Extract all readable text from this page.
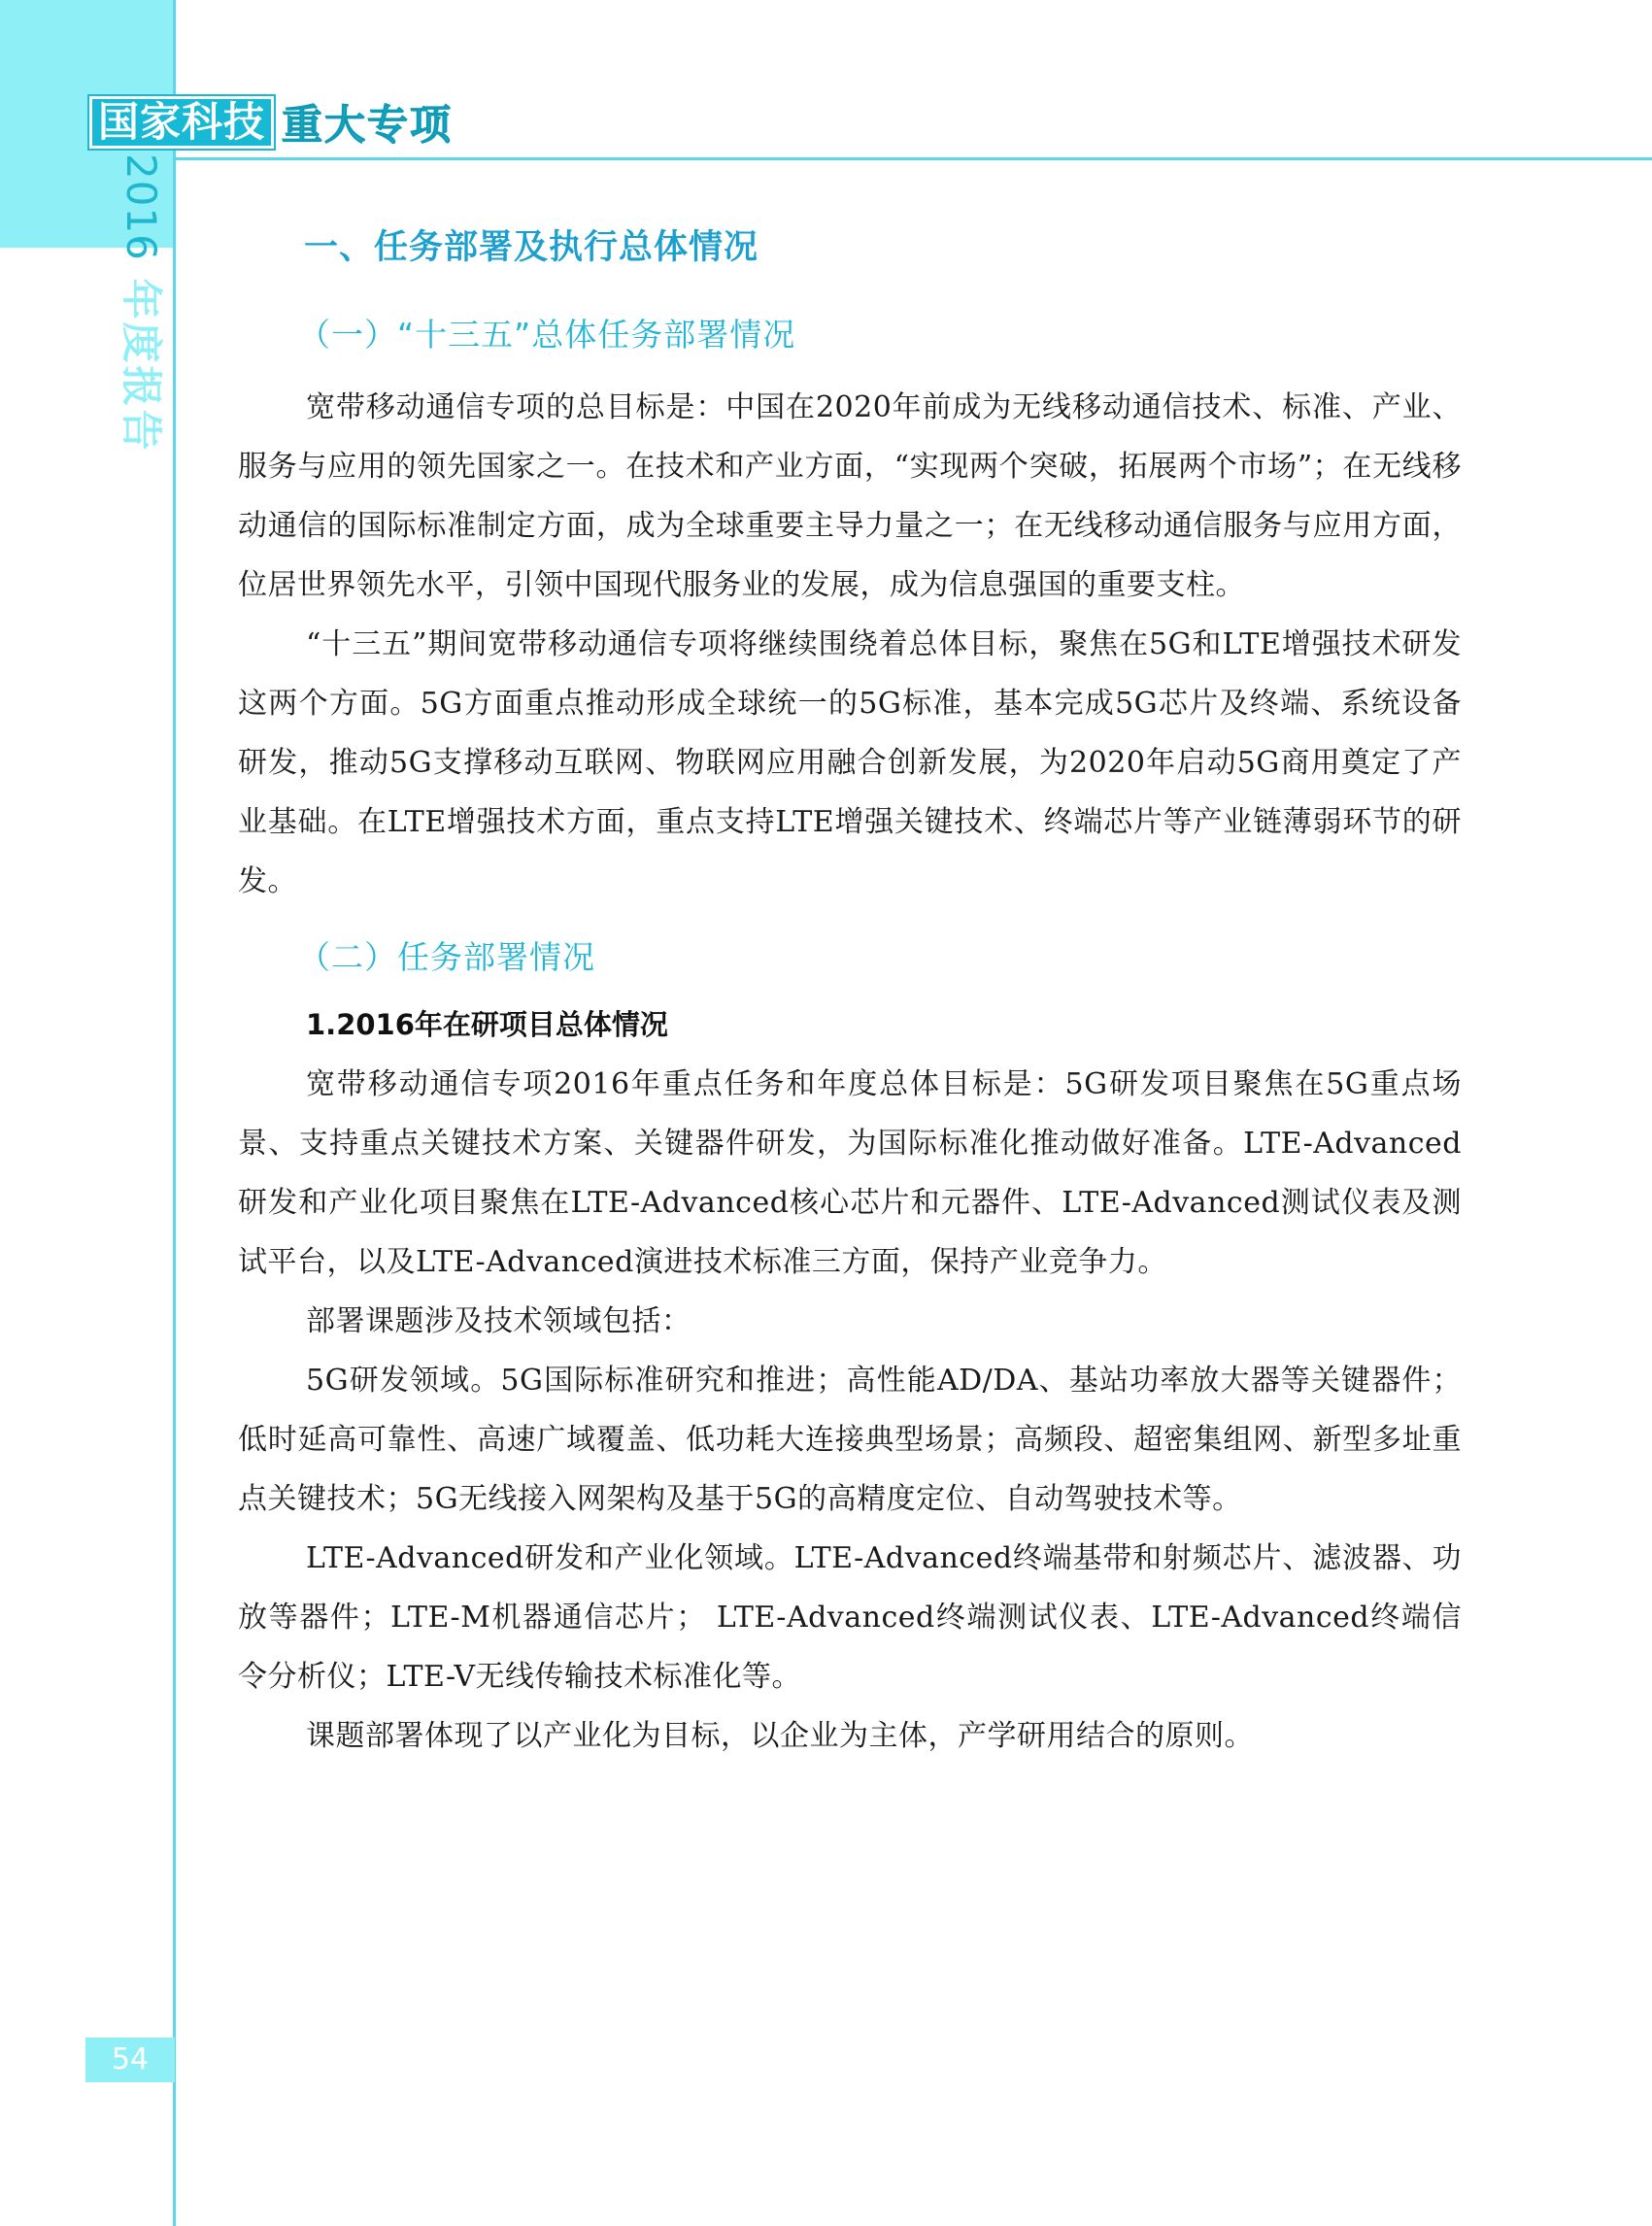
国家科技 重大专项
2016 年度报告
一、任务部署及执行总体情况
（一）“十三五”总体任务部署情况

宽带移动通信专项的总目标是：中国在2020年前成为无线移动通信技术、标准、产业、服务与应用的领先国家之一。在技术和产业方面，“实现两个突破，拓展两个市场”；在无线移动通信的国际标准制定方面，成为全球重要主导力量之一；在无线移动通信服务与应用方面，位居世界领先水平，引领中国现代服务业的发展，成为信息强国的重要支柱。

“十三五”期间宽带移动通信专项将继续围绕着总体目标，聚焦在5G和LTE增强技术研发这两个方面。5G方面重点推动形成全球统一的5G标准，基本完成5G芯片及终端、系统设备研发，推动5G支撑移动互联网、物联网应用融合创新发展，为2020年启动5G商用奠定了产业基础。在LTE增强技术方面，重点支持LTE增强关键技术、终端芯片等产业链薄弱环节的研发。

（二）任务部署情况
1.2016年在研项目总体情况

宽带移动通信专项2016年重点任务和年度总体目标是：5G研发项目聚焦在5G重点场景、支持重点关键技术方案、关键器件研发，为国际标准化推动做好准备。LTE-Advanced研发和产业化项目聚焦在LTE-Advanced核心芯片和元器件、LTE-Advanced测试仪表及测试平台，以及LTE-Advanced演进技术标准三方面，保持产业竞争力。

部署课题涉及技术领域包括：

5G研发领域。5G国际标准研究和推进；高性能AD/DA、基站功率放大器等关键器件；低时延高可靠性、高速广域覆盖、低功耗大连接典型场景；高频段、超密集组网、新型多址重点关键技术；5G无线接入网架构及基于5G的高精度定位、自动驾驶技术等。

LTE-Advanced研发和产业化领域。LTE-Advanced终端基带和射频芯片、滤波器、功放等器件；LTE-M机器通信芯片； LTE-Advanced终端测试仪表、LTE-Advanced终端信令分析仪；LTE-V无线传输技术标准化等。

课题部署体现了以产业化为目标，以企业为主体，产学研用结合的原则。

54
